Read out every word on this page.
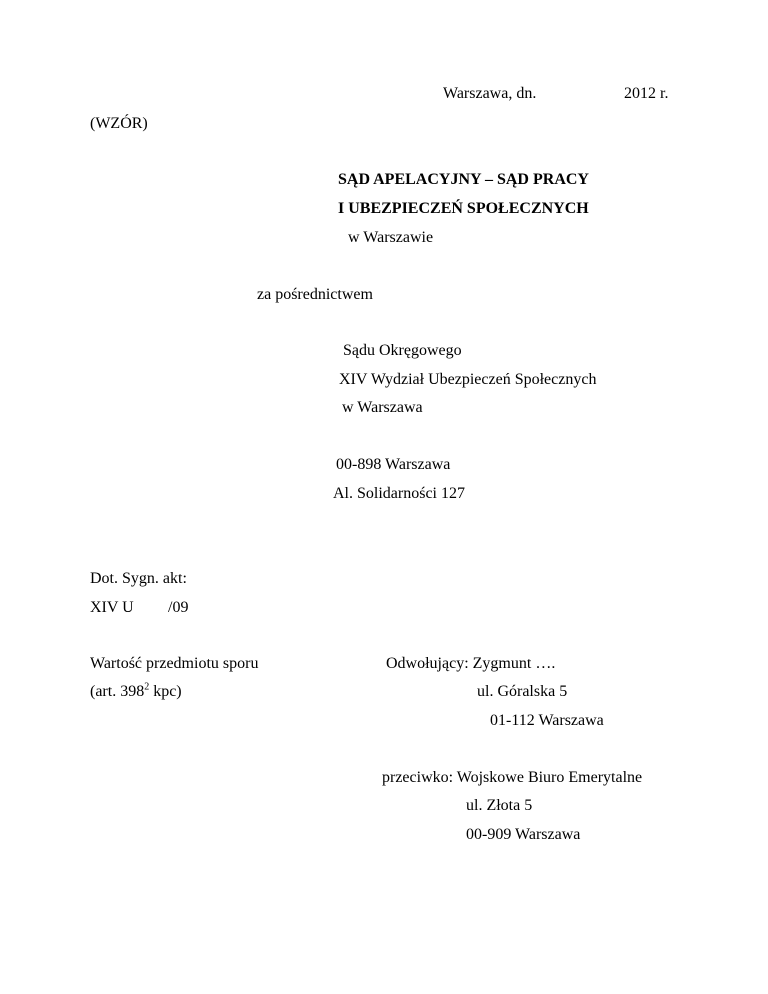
Warszawa, dn.	2012 r.
(WZÓR)
SĄD APELACYJNY – SĄD PRACY
I UBEZPIECZEŃ SPOŁECZNYCH
w Warszawie
za pośrednictwem
Sądu Okręgowego
XIV Wydział Ubezpieczeń Społecznych
w Warszawa
00-898 Warszawa
Al. Solidarności 127
Dot. Sygn. akt:
XIV U /09
Wartość przedmiotu sporu
(art. $398^2$ kpc)
Odwołujący: Zygmunt ….
ul. Góralska 5
01-112 Warszawa
przeciwko: Wojskowe Biuro Emerytalne
ul. Złota 5
00-909 Warszawa
